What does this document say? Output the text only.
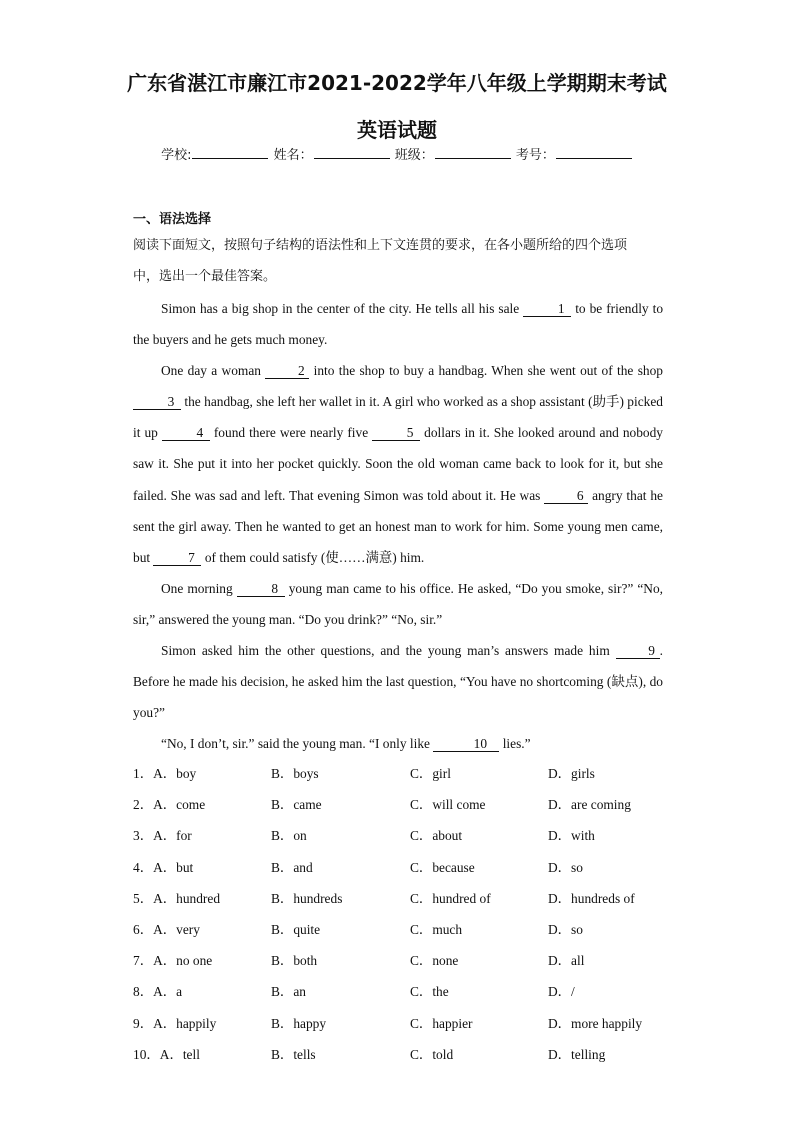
广东省湛江市廉江市2021-2022学年八年级上学期期末考试
英语试题
学校:	姓名：	班级：	考号：
一、语法选择
阅读下面短文，按照句子结构的语法性和上下文连贯的要求，在各小题所给的四个选项
中，选出一个最佳答案。

Simon has a big shop in the center of the city. He tells all his sale	1 to be friendly to the buyers and he gets much money.

One day a woman 2 into the shop to buy a handbag. When she went out of the shop 3 the handbag, she left her wallet in it. A girl who worked as a shop assistant (助手) picked it up	4 found there were nearly five	5 dollars in it. She looked around and nobody saw it. She put it into her pocket quickly. Soon the old woman came back to look for it, but she failed. She was sad and left. That evening Simon was told about it. He was 6 angry that he sent the girl away. Then he wanted to get an honest man to work for him. Some young men came, but	7 of them could satisfy (使……满意) him.

One morning	8 young man came to his office. He asked, “Do you smoke, sir?” “No, sir,” answered the young man. “Do you drink?” “No, sir.”

Simon asked him the other questions, and the young man’s answers made him 9 . Before he made his decision, he asked him the last question, “You have no shortcoming (缺点), do you?”

“No, I don’t, sir.” said the young man. “I only like	10 lies.”

1．A．boy	B．boys	C．girl	D．girls
2．A．come	B．came	C．will come	D．are coming
3．A．for	B．on	C．about	D．with
4．A．but	B．and	C．because	D．so
5．A．hundred	B．hundreds	C．hundred of	D．hundreds of
6．A．very	B．quite	C．much	D．so
7．A．no one	B．both	C．none	D．all
8．A．a	B．an	C．the	D．/
9．A．happily	B．happy	C．happier	D．more happily
10．A．tell	B．tells	C．told	D．telling
